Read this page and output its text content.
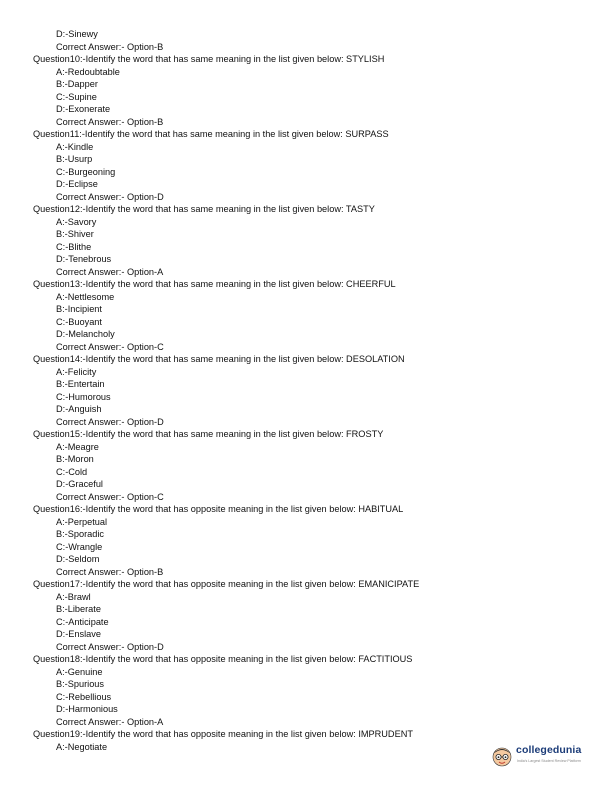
D:-Sinewy
Correct Answer:- Option-B
Question10:-Identify the word that has same meaning in the list given below: STYLISH
A:-Redoubtable
B:-Dapper
C:-Supine
D:-Exonerate
Correct Answer:- Option-B
Question11:-Identify the word that has same meaning in the list given below: SURPASS
A:-Kindle
B:-Usurp
C:-Burgeoning
D:-Eclipse
Correct Answer:- Option-D
Question12:-Identify the word that has same meaning in the list given below: TASTY
A:-Savory
B:-Shiver
C:-Blithe
D:-Tenebrous
Correct Answer:- Option-A
Question13:-Identify the word that has same meaning in the list given below: CHEERFUL
A:-Nettlesome
B:-Incipient
C:-Buoyant
D:-Melancholy
Correct Answer:- Option-C
Question14:-Identify the word that has same meaning in the list given below: DESOLATION
A:-Felicity
B:-Entertain
C:-Humorous
D:-Anguish
Correct Answer:- Option-D
Question15:-Identify the word that has same meaning in the list given below: FROSTY
A:-Meagre
B:-Moron
C:-Cold
D:-Graceful
Correct Answer:- Option-C
Question16:-Identify the word that has opposite meaning in the list given below: HABITUAL
A:-Perpetual
B:-Sporadic
C:-Wrangle
D:-Seldom
Correct Answer:- Option-B
Question17:-Identify the word that has opposite meaning in the list given below: EMANICIPATE
A:-Brawl
B:-Liberate
C:-Anticipate
D:-Enslave
Correct Answer:- Option-D
Question18:-Identify the word that has opposite meaning in the list given below: FACTITIOUS
A:-Genuine
B:-Spurious
C:-Rebellious
D:-Harmonious
Correct Answer:- Option-A
Question19:-Identify the word that has opposite meaning in the list given below: IMPRUDENT
A:-Negotiate	collegedunia
India's Largest Student Review Platform
